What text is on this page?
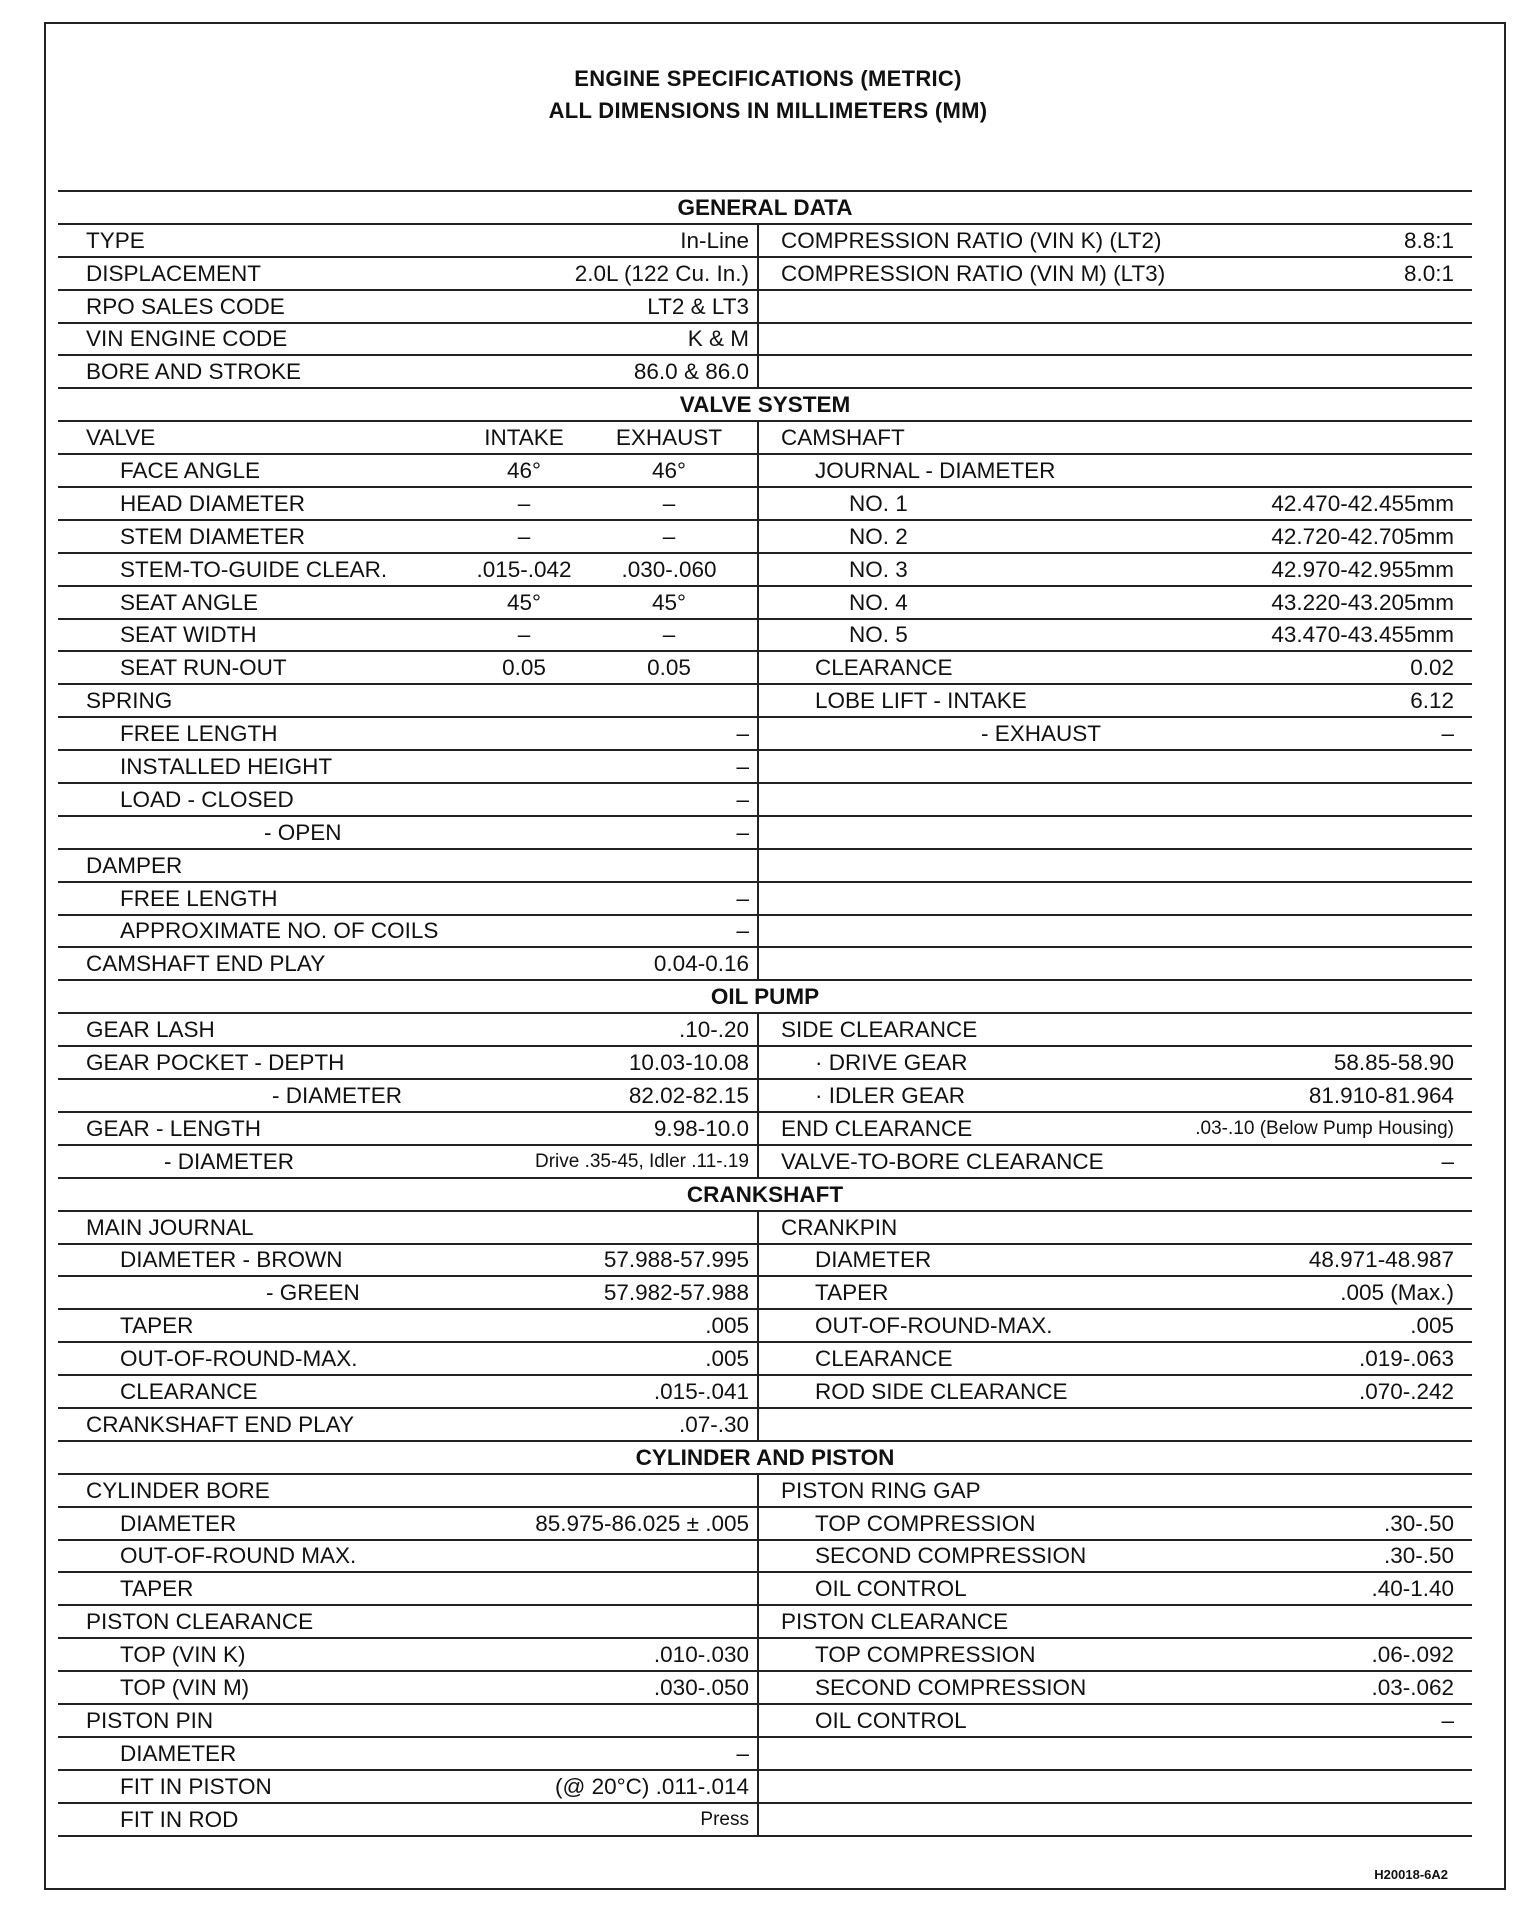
ENGINE SPECIFICATIONS (METRIC)
ALL DIMENSIONS IN MILLIMETERS (MM)
GENERAL DATA	

TYPE In-Line	COMPRESSION RATIO (VIN K) (LT2) 8.8:1

DISPLACEMENT 2.0L (122 Cu. In.)	COMPRESSION RATIO (VIN M) (LT3) 8.0:1

RPO SALES CODE LT2 & LT3	

VIN ENGINE CODE K & M	

BORE AND STROKE 86.0 & 86.0	

VALVE SYSTEM	

VALVE INTAKE EXHAUST	CAMSHAFT

FACE ANGLE 46° 46°	JOURNAL - DIAMETER

HEAD DIAMETER – –	NO. 1 42.470-42.455mm

STEM DIAMETER – –	NO. 2 42.720-42.705mm

STEM-TO-GUIDE CLEAR. .015-.042 .030-.060	NO. 3 42.970-42.955mm

SEAT ANGLE 45° 45°	NO. 4 43.220-43.205mm

SEAT WIDTH – –	NO. 5 43.470-43.455mm

SEAT RUN-OUT 0.05 0.05	CLEARANCE 0.02

SPRING	LOBE LIFT - INTAKE 6.12

FREE LENGTH –	- EXHAUST –

INSTALLED HEIGHT –	

LOAD - CLOSED –	

- OPEN –	

DAMPER	

FREE LENGTH –	

APPROXIMATE NO. OF COILS –	

CAMSHAFT END PLAY 0.04-0.16	

OIL PUMP	

GEAR LASH .10-.20	SIDE CLEARANCE

GEAR POCKET - DEPTH 10.03-10.08	· DRIVE GEAR 58.85-58.90

- DIAMETER 82.02-82.15	· IDLER GEAR 81.910-81.964

GEAR - LENGTH 9.98-10.0	END CLEARANCE .03-.10 (Below Pump Housing)

- DIAMETER Drive .35-45, Idler .11-.19	VALVE-TO-BORE CLEARANCE –

CRANKSHAFT	
MAIN JOURNAL	CRANKPIN

DIAMETER - BROWN 57.988-57.995	DIAMETER 48.971-48.987

- GREEN 57.982-57.988	TAPER .005 (Max.)

TAPER .005	OUT-OF-ROUND-MAX. .005

OUT-OF-ROUND-MAX. .005	CLEARANCE .019-.063

CLEARANCE .015-.041	ROD SIDE CLEARANCE .070-.242

CRANKSHAFT END PLAY .07-.30	

CYLINDER AND PISTON	
CYLINDER BORE	PISTON RING GAP

DIAMETER 85.975-86.025 ± .005	TOP COMPRESSION .30-.50

OUT-OF-ROUND MAX.	SECOND COMPRESSION .30-.50

TAPER	OIL CONTROL .40-1.40

PISTON CLEARANCE	PISTON CLEARANCE

TOP (VIN K) .010-.030	TOP COMPRESSION .06-.092

TOP (VIN M) .030-.050	SECOND COMPRESSION .03-.062

PISTON PIN	OIL CONTROL –

DIAMETER –	

FIT IN PISTON (@ 20°C) .011-.014	

FIT IN ROD Press	

H20018-6A2
